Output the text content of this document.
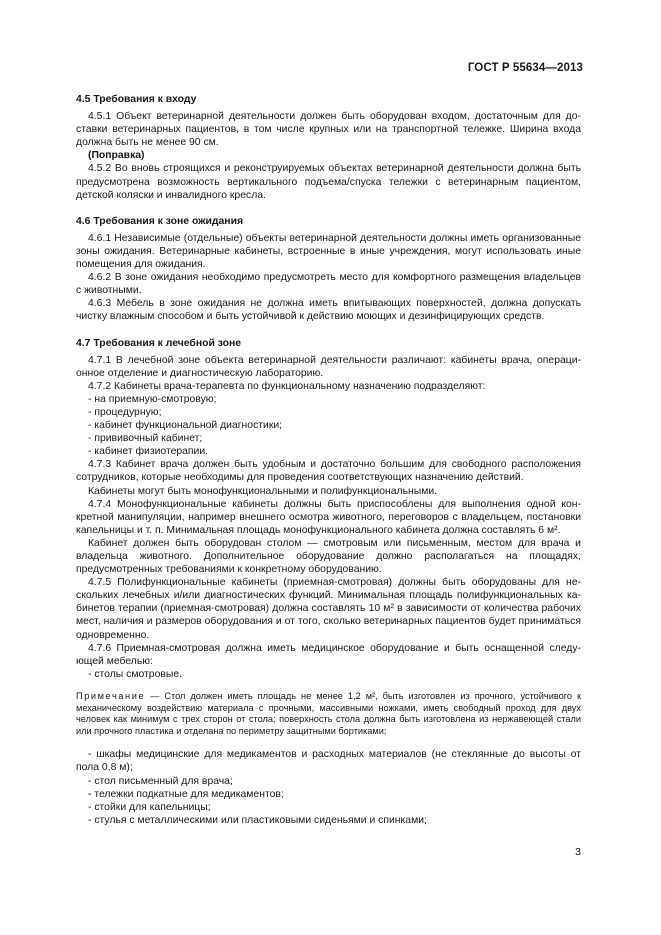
ГОСТ Р 55634—2013

4.5 Требования к входу

4.5.1 Объект ветеринарной деятельности должен быть оборудован входом, достаточным для доставки ветеринарных пациентов, в том числе крупных или на транспортной тележке. Ширина входа должна быть не менее 90 см.

(Поправка)

4.5.2 Во вновь строящихся и реконструируемых объектах ветеринарной деятельности должна быть предусмотрена возможность вертикального подъема/спуска тележки с ветеринарным пациентом, детской коляски и инвалидного кресла.

4.6 Требования к зоне ожидания

4.6.1 Независимые (отдельные) объекты ветеринарной деятельности должны иметь организованные зоны ожидания. Ветеринарные кабинеты, встроенные в иные учреждения, могут использовать иные помещения для ожидания.

4.6.2 В зоне ожидания необходимо предусмотреть место для комфортного размещения владельцев с животными.

4.6.3 Мебель в зоне ожидания не должна иметь впитывающих поверхностей, должна допускать чистку влажным способом и быть устойчивой к действию моющих и дезинфицирующих средств.

4.7 Требования к лечебной зоне

4.7.1 В лечебной зоне объекта ветеринарной деятельности различают: кабинеты врача, операционное отделение и диагностическую лабораторию.

4.7.2 Кабинеты врача-терапевта по функциональному назначению подразделяют:

- на приемную-смотровую;

- процедурную;

- кабинет функциональной диагностики;

- прививочный кабинет;

- кабинет физиотерапии.

4.7.3 Кабинет врача должен быть удобным и достаточно большим для свободного расположения сотрудников, которые необходимы для проведения соответствующих назначению действий.

Кабинеты могут быть монофункциональными и полифункциональными.

4.7.4 Монофункциональные кабинеты должны быть приспособлены для выполнения одной конкретной манипуляции, например внешнего осмотра животного, переговоров с владельцем, постановки капельницы и т. п. Минимальная площадь монофункционального кабинета должна составлять 6 м².

Кабинет должен быть оборудован столом — смотровым или письменным, местом для врача и владельца животного. Дополнительное оборудование должно располагаться на площадях, предусмотренных требованиями к конкретному оборудованию.

4.7.5 Полифункциональные кабинеты (приемная-смотровая) должны быть оборудованы для нескольких лечебных и/или диагностических функций. Минимальная площадь полифункциональных кабинетов терапии (приемная-смотровая) должна составлять 10 м² в зависимости от количества рабочих мест, наличия и размеров оборудования и от того, сколько ветеринарных пациентов будет приниматься одновременно.

4.7.6 Приемная-смотровая должна иметь медицинское оборудование и быть оснащенной следующей мебелью:

- столы смотровые.

Примечание — Стол должен иметь площадь не менее 1,2 м², быть изготовлен из прочного, устойчивого к механическому воздействию материала с прочными, массивными ножками, иметь свободный проход для двух человек как минимум с трех сторон от стола; поверхность стола должна быть изготовлена из нержавеющей стали или прочного пластика и отделана по периметру защитными бортиками;

- шкафы медицинские для медикаментов и расходных материалов (не стеклянные до высоты от пола 0,8 м);

- стол письменный для врача;

- тележки подкатные для медикаментов;

- стойки для капельницы;

- стулья с металлическими или пластиковыми сиденьями и спинками;

3
